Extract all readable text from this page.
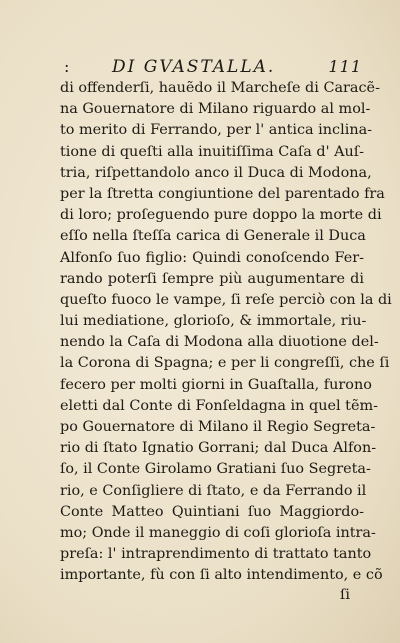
:	DI GVASTALLA.	111
di offenderſi, hauẽdo il Marcheſe di Caracẽ-
na Gouernatore di Milano riguardo al mol-
to merito di Ferrando, per l' antica inclina-
tione di queſti alla inuitiſſima Caſa d' Auſ-
tria, riſpettandolo anco il Duca di Modona,
per la ſtretta congiuntione del parentado fra
di loro; proſeguendo pure doppo la morte di
eſſo nella ſteſſa carica di Generale il Duca
Alfonſo ſuo figlio: Quindi conoſcendo Fer-
rando poterſi ſempre più augumentare di
queſto fuoco le vampe, ſi reſe perciò con la di
lui mediatione, glorioſo, & immortale, riu-
nendo la Caſa di Modona alla diuotione del-
la Corona di Spagna; e per li congreſſi, che ſi
fecero per molti giorni in Guaſtalla, furono
eletti dal Conte di Fonſeldagna in quel tẽm-
po Gouernatore di Milano il Regio Segreta-
rio di ſtato Ignatio Gorrani; dal Duca Alfon-
ſo, il Conte Girolamo Gratiani ſuo Segreta-
rio, e Conſigliere di ſtato, e da Ferrando il
Conte Matteo Quintiani ſuo Maggiordo-
mo; Onde il maneggio di coſi glorioſa intra-
preſa: l' intraprendimento di trattato tanto
importante, fù con ſi alto intendimento, e cõ
ſi
